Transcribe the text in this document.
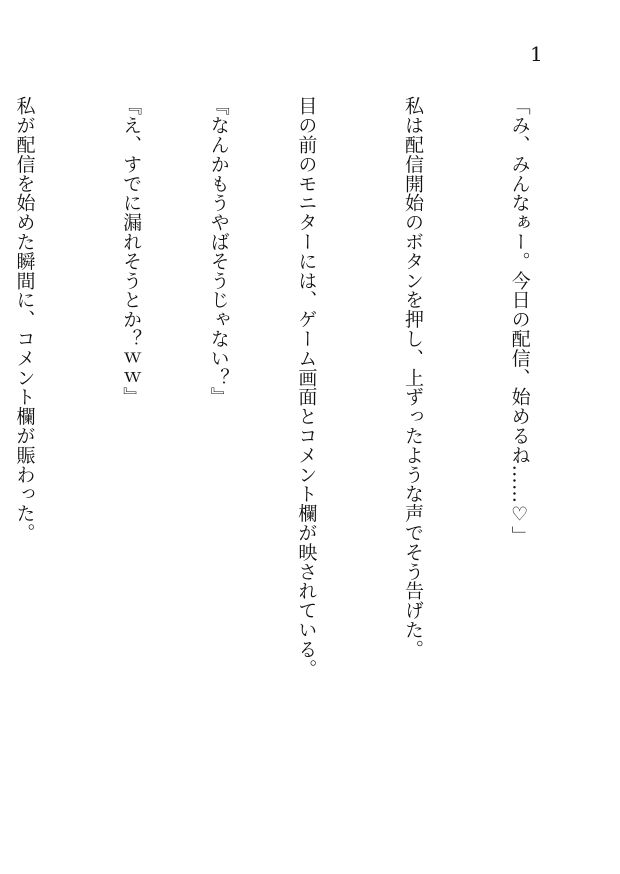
1

「み、みんなぁー。今日の配信、始めるね……♡」

私は配信開始のボタンを押し、上ずったような声でそう告げた。

目の前のモニターには、ゲーム画面とコメント欄が映されている。

『なんかもうやばそうじゃない？』

『え、すでに漏れそうとか？ｗｗ』

私が配信を始めた瞬間に、コメント欄が賑わった。
